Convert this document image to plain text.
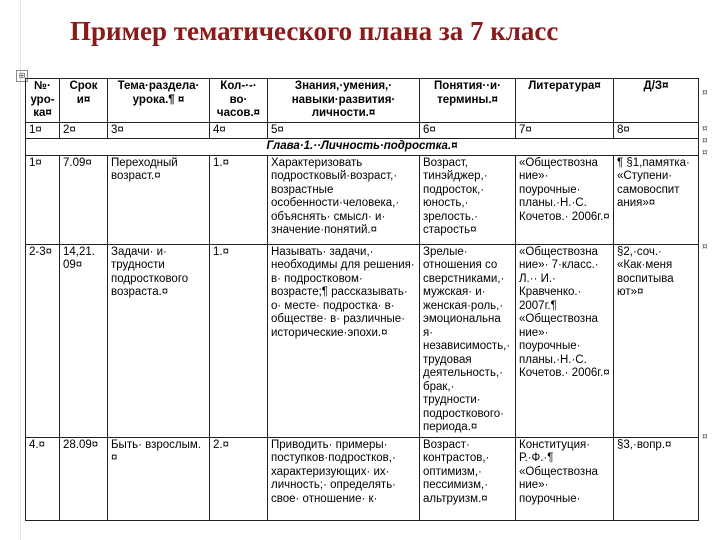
Пример тематического плана за 7 класс
⊞
№· уро-ка¤	Срок и¤	Тема·раздела· урока.¶ ¤	Кол-·-· во· часов.¤	Знания,·умения,· навыки·развития· личности.¤	Понятия··и· термины.¤	Литература¤	Д/З¤
1¤	2¤	3¤	4¤	5¤	6¤	7¤	8¤
Глава·1.··Личность·подростка.¤							
1¤	7.09¤	Переходный возраст.¤	1.¤	Характеризовать подростковый·возраст,· возрастные особенности·человека,· объяснять· смысл· и· значение·понятий.¤	Возраст, тинэйджер,· подросток,· юность,· зрелость.· старость¤	«Обществозна ние»· поурочные· планы.·Н.·С. Кочетов.· 2006г.¤	¶ §1,памятка· «Ступени· самовоспит ания»¤
2-3¤	14,21. 09¤	Задачи· и· трудности подросткового возраста.¤	1.¤	Называть· задачи,· необходимы для решения· в· подростковом· возрасте;¶ рассказывать· о· месте· подростка· в· обществе· в· различные· исторические·эпохи.¤	Зрелые· отношения со сверстниками,· мужская· и· женская·роль,· эмоциональна я· независимость,· трудовая деятельность,· брак,· трудности· подросткового· периода.¤	«Обществозна ние»· 7·класс.· Л.·· И.· Кравченко.· 2007г.¶ «Обществозна ние»· поурочные· планы.·Н.·С. Кочетов.· 2006г.¤	§2,·соч.· «Как·меня воспитыва ют»¤
4.¤	28.09¤	Быть· взрослым.¤	2.¤	Приводить· примеры· поступков·подростков,· характеризующих· их· личность;· определять· свое· отношение· к·	Возраст· контрастов,· оптимизм,· пессимизм,· альтруизм.¤	Конституция· Р.·Ф.·¶ «Обществозна ние»· поурочные·	§3,·вопр.¤
¤
¤
¤
¤
¤
¤
